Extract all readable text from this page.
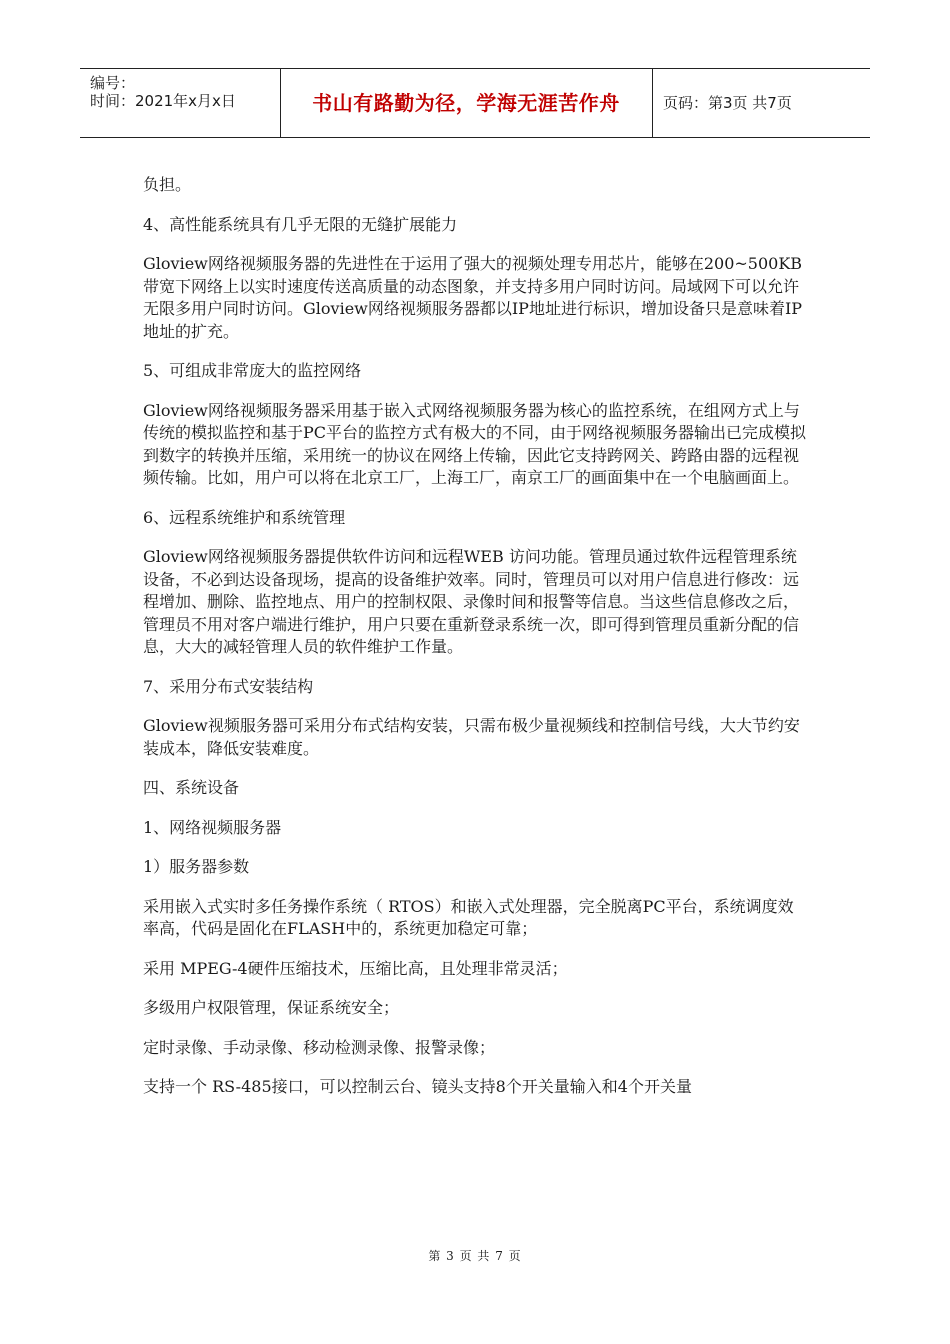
编号：
时间：2021年x月x日	书山有路勤为径，学海无涯苦作舟	页码：第3页 共7页

负担。

4、高性能系统具有几乎无限的无缝扩展能力

Gloview网络视频服务器的先进性在于运用了强大的视频处理专用芯片，能够在200~500KB 带宽下网络上以实时速度传送高质量的动态图象，并支持多用户同时访问。局域网下可以允许无限多用户同时访问。Gloview网络视频服务器都以IP地址进行标识，增加设备只是意味着IP地址的扩充。

5、可组成非常庞大的监控网络

Gloview网络视频服务器采用基于嵌入式网络视频服务器为核心的监控系统，在组网方式上与传统的模拟监控和基于PC平台的监控方式有极大的不同，由于网络视频服务器输出已完成模拟到数字的转换并压缩，采用统一的协议在网络上传输，因此它支持跨网关、跨路由器的远程视频传输。比如，用户可以将在北京工厂，上海工厂，南京工厂的画面集中在一个电脑画面上。

6、远程系统维护和系统管理

Gloview网络视频服务器提供软件访问和远程WEB 访问功能。管理员通过软件远程管理系统设备，不必到达设备现场，提高的设备维护效率。同时，管理员可以对用户信息进行修改：远程增加、删除、监控地点、用户的控制权限、录像时间和报警等信息。当这些信息修改之后，管理员不用对客户端进行维护，用户只要在重新登录系统一次，即可得到管理员重新分配的信息，大大的减轻管理人员的软件维护工作量。

7、采用分布式安装结构

Gloview视频服务器可采用分布式结构安装，只需布极少量视频线和控制信号线，大大节约安装成本，降低安装难度。

四、系统设备

1、网络视频服务器

1）服务器参数

采用嵌入式实时多任务操作系统（ RTOS）和嵌入式处理器，完全脱离PC平台，系统调度效率高，代码是固化在FLASH中的，系统更加稳定可靠；

采用 MPEG-4硬件压缩技术，压缩比高，且处理非常灵活；

多级用户权限管理，保证系统安全；

定时录像、手动录像、移动检测录像、报警录像；

支持一个 RS-485接口，可以控制云台、镜头支持8个开关量输入和4个开关量

第 3 页 共 7 页
